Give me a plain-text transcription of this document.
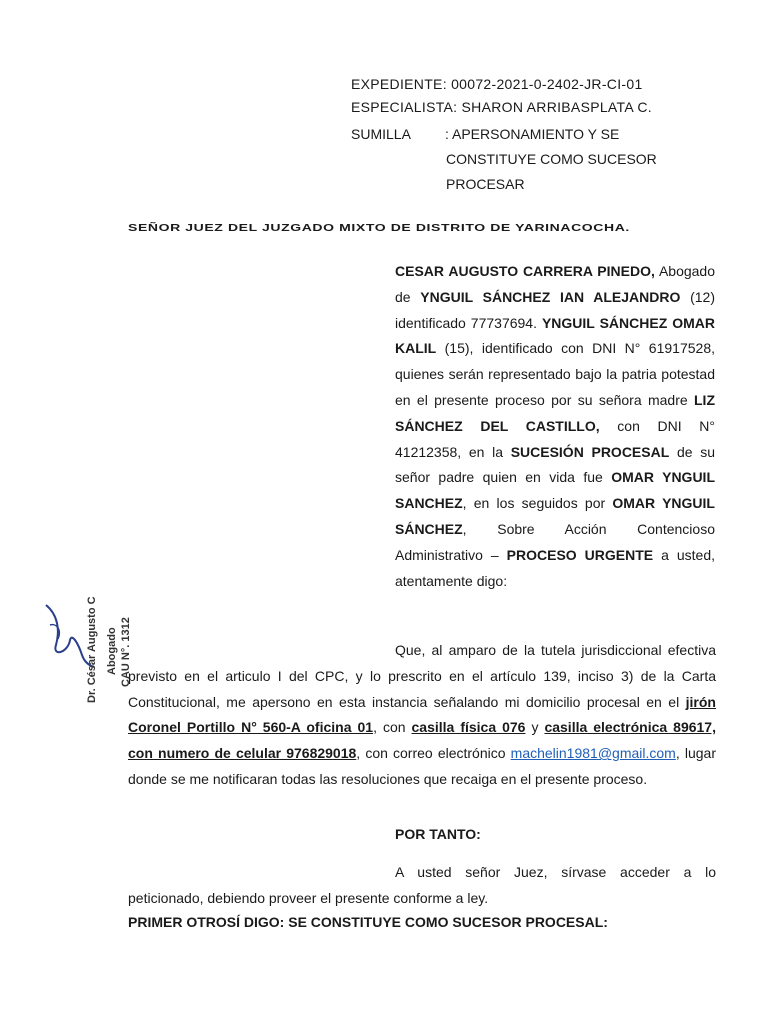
EXPEDIENTE: 00072-2021-0-2402-JR-CI-01
ESPECIALISTA: SHARON ARRIBASPLATA C.
SUMILLA : APERSONAMIENTO Y SE
CONSTITUYE COMO SUCESOR
PROCESAR
SEÑOR JUEZ DEL JUZGADO MIXTO DE DISTRITO DE YARINACOCHA.
CESAR AUGUSTO CARRERA PINEDO, Abogado de YNGUIL SÁNCHEZ IAN ALEJANDRO (12) identificado 77737694. YNGUIL SÁNCHEZ OMAR KALIL (15), identificado con DNI N° 61917528, quienes serán representado bajo la patria potestad en el presente proceso por su señora madre LIZ SÁNCHEZ DEL CASTILLO, con DNI N° 41212358, en la SUCESIÓN PROCESAL de su señor padre quien en vida fue OMAR YNGUIL SANCHEZ, en los seguidos por OMAR YNGUIL SÁNCHEZ, Sobre Acción Contencioso Administrativo – PROCESO URGENTE a usted, atentamente digo:
Que, al amparo de la tutela jurisdiccional efectiva previsto en el articulo I del CPC, y lo prescrito en el artículo 139, inciso 3) de la Carta Constitucional, me apersono en esta instancia señalando mi domicilio procesal en el jirón Coronel Portillo N° 560-A oficina 01, con casilla física 076 y casilla electrónica 89617, con numero de celular 976829018, con correo electrónico machelin1981@gmail.com, lugar donde se me notificaran todas las resoluciones que recaiga en el presente proceso.
POR TANTO:
A usted señor Juez, sírvase acceder a lo peticionado, debiendo proveer el presente conforme a ley.
PRIMER OTROSÍ DIGO: SE CONSTITUYE COMO SUCESOR PROCESAL:
Dr. César Augusto C Abogado CAU N°. 1312
